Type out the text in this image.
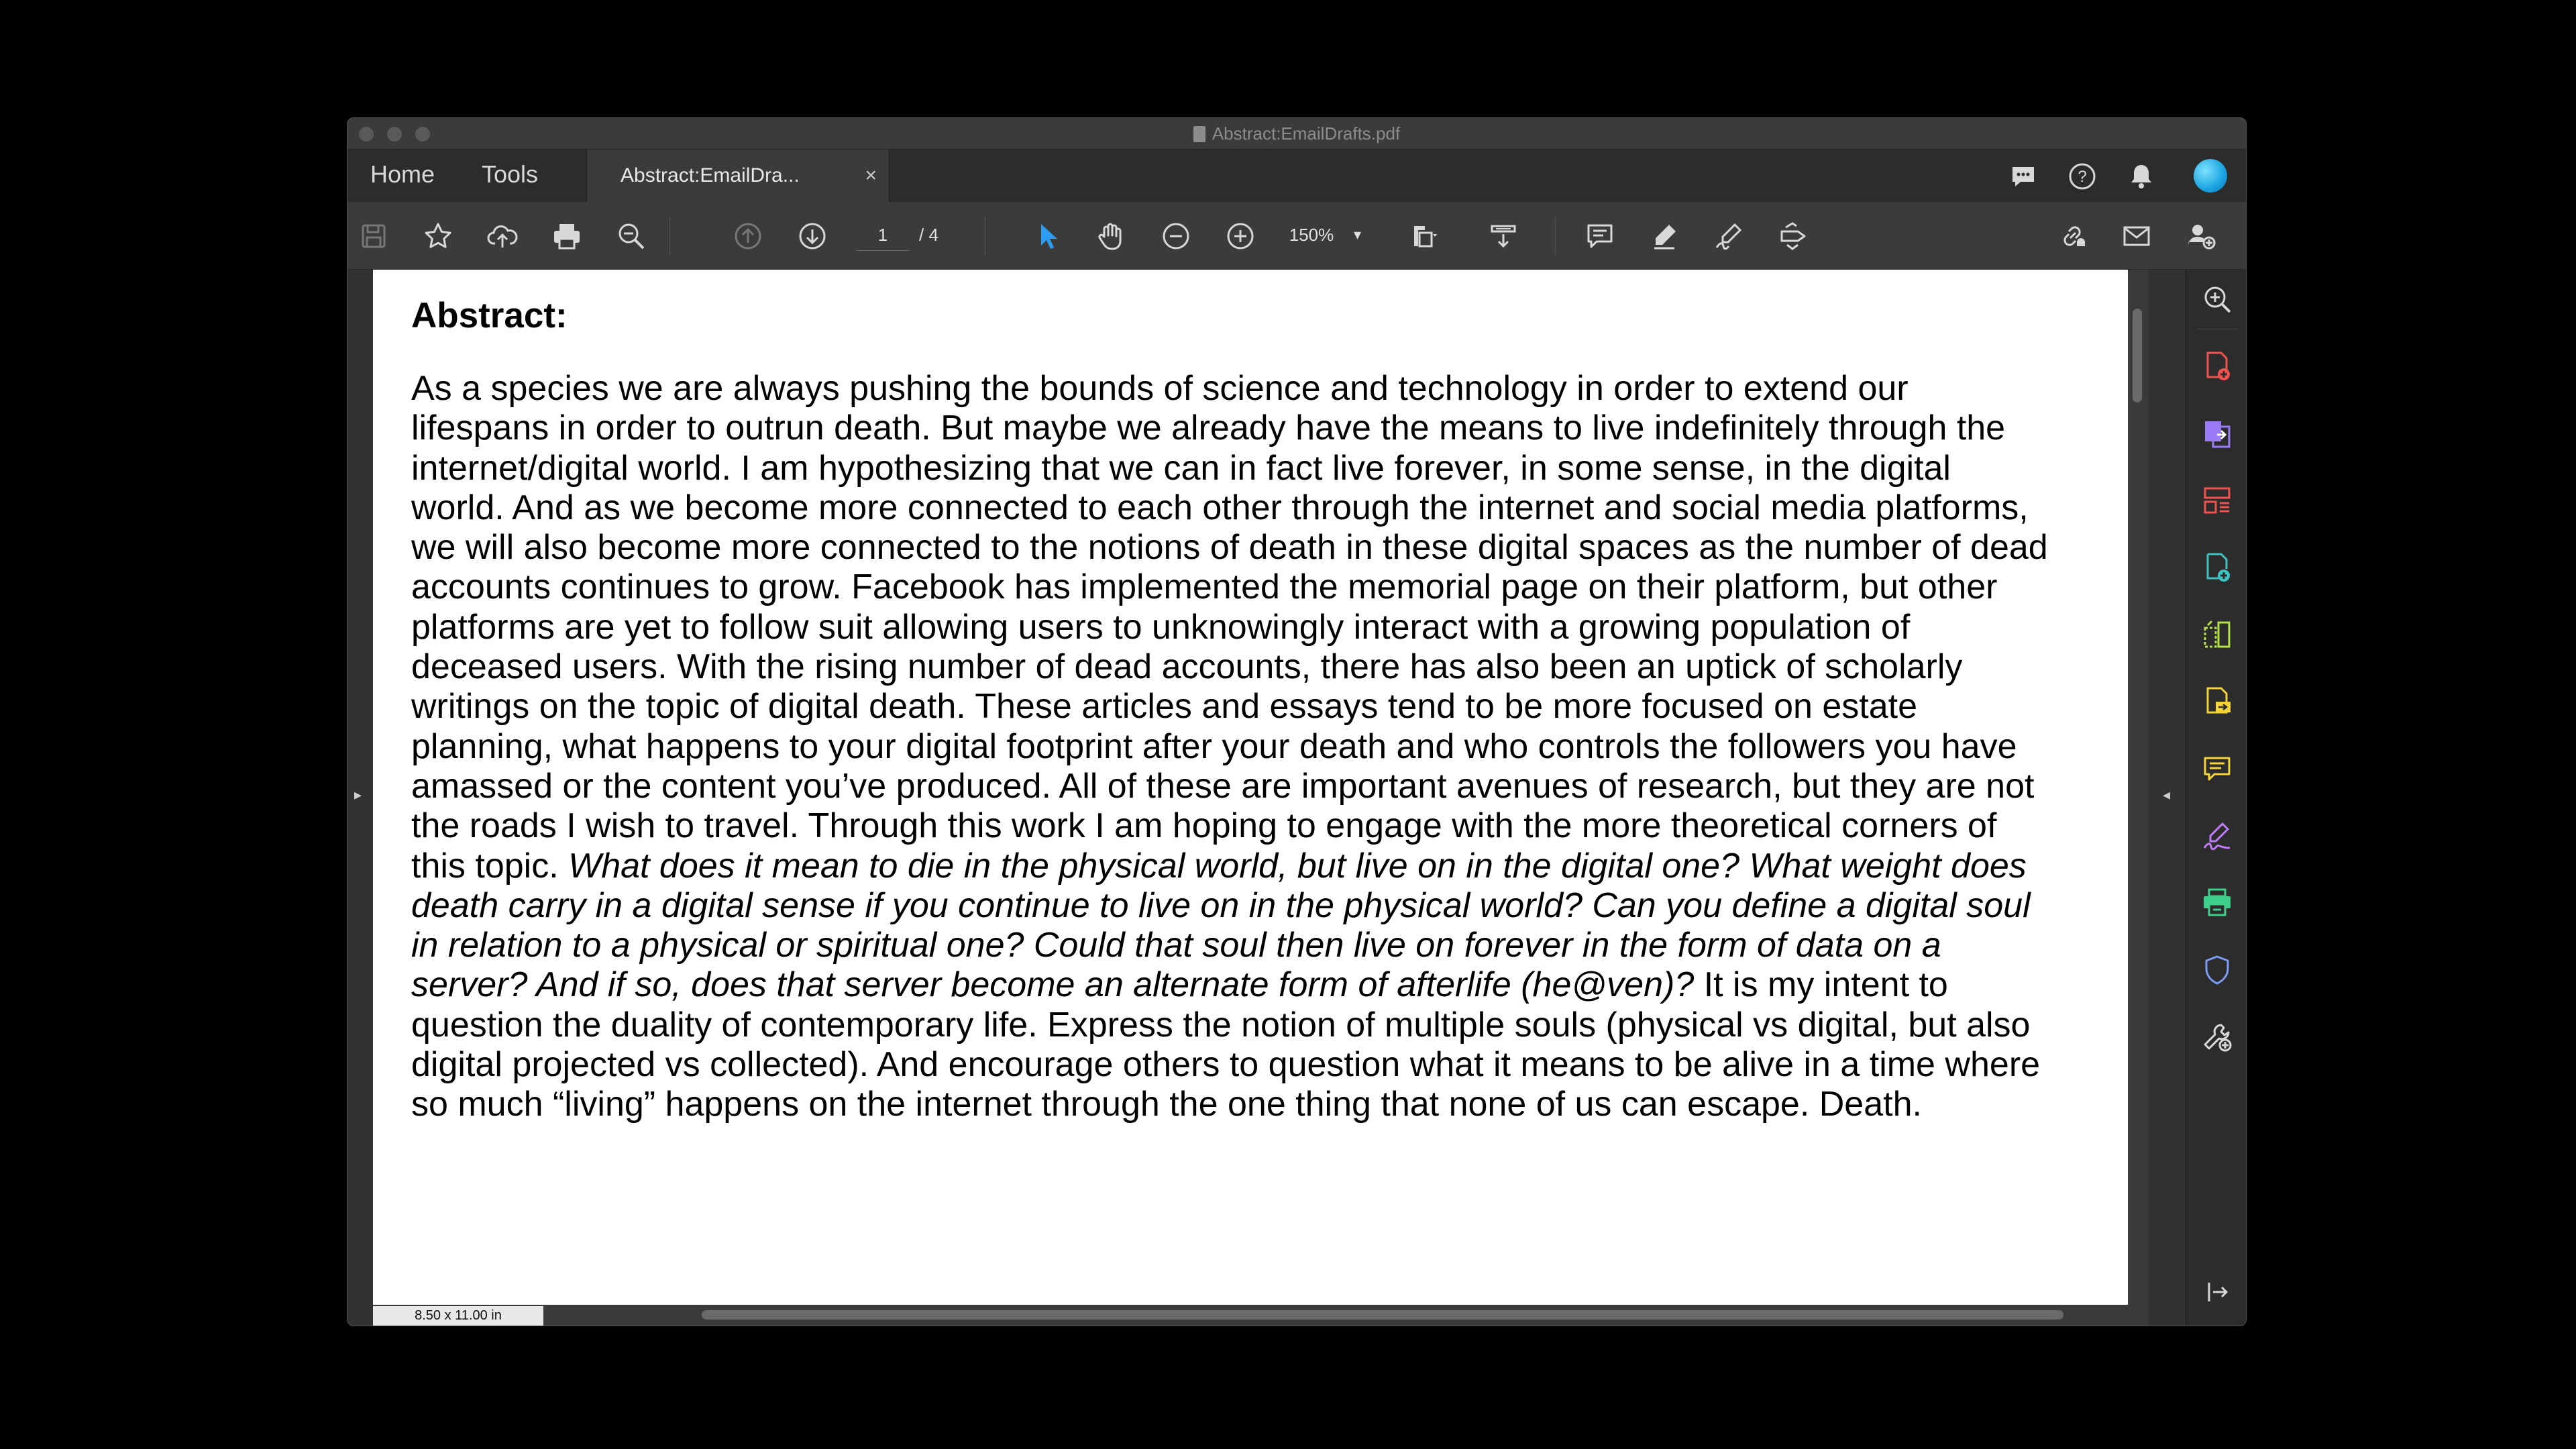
Abstract:EmailDrafts.pdf
Home Tools	Abstract:EmailDra...	×	?
1	/ 4	150%	▾
▸
Abstract:
As a species we are always pushing the bounds of science and technology in order to extend our lifespans in order to outrun death. But maybe we already have the means to live indefinitely through the internet/digital world. I am hypothesizing that we can in fact live forever, in some sense, in the digital world. And as we become more connected to each other through the internet and social media platforms, we will also become more connected to the notions of death in these digital spaces as the number of dead accounts continues to grow. Facebook has implemented the memorial page on their platform, but other platforms are yet to follow suit allowing users to unknowingly interact with a growing population of deceased users. With the rising number of dead accounts, there has also been an uptick of scholarly writings on the topic of digital death. These articles and essays tend to be more focused on estate planning, what happens to your digital footprint after your death and who controls the followers you have amassed or the content you’ve produced. All of these are important avenues of research, but they are not the roads I wish to travel. Through this work I am hoping to engage with the more theoretical corners of this topic. What does it mean to die in the physical world, but live on in the digital one? What weight does death carry in a digital sense if you continue to live on in the physical world? Can you define a digital soul in relation to a physical or spiritual one? Could that soul then live on forever in the form of data on a server? And if so, does that server become an alternate form of afterlife (he@ven)? It is my intent to question the duality of contemporary life. Express the notion of multiple souls (physical vs digital, but also digital projected vs collected). And encourage others to question what it means to be alive in a time where so much “living” happens on the internet through the one thing that none of us can escape. Death.
8.50 x 11.00 in
◂
